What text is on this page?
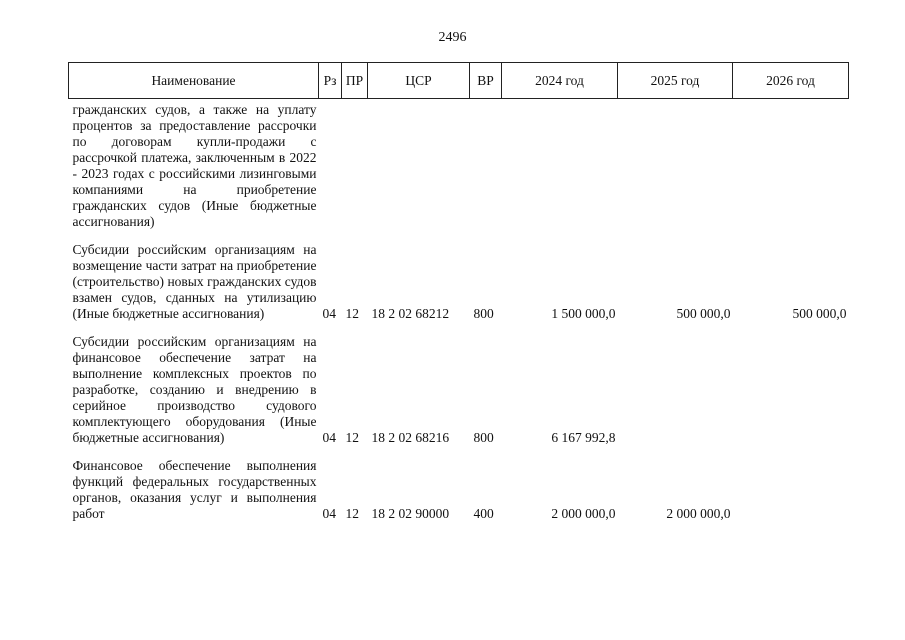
2496
Наименование	Рз	ПР	ЦСР	ВР	2024 год	2025 год	2026 год
гражданских судов, а также на уплату процентов за предоставление рассрочки по договорам купли-продажи с рассрочкой платежа, заключенным в 2022 - 2023 годах с российскими лизинговыми компаниями на приобретение гражданских судов (Иные бюджетные ассигнования)							
Субсидии российским организациям на возмещение части затрат на приобретение (строительство) новых гражданских судов взамен судов, сданных на утилизацию (Иные бюджетные ассигнования)	04	12	18 2 02 68212	800	1 500 000,0	500 000,0	500 000,0
Субсидии российским организациям на финансовое обеспечение затрат на выполнение комплексных проектов по разработке, созданию и внедрению в серийное производство судового комплектующего оборудования (Иные бюджетные ассигнования)	04	12	18 2 02 68216	800	6 167 992,8		
Финансовое обеспечение выполнения функций федеральных государственных органов, оказания услуг и выполнения работ	04	12	18 2 02 90000	400	2 000 000,0	2 000 000,0	
